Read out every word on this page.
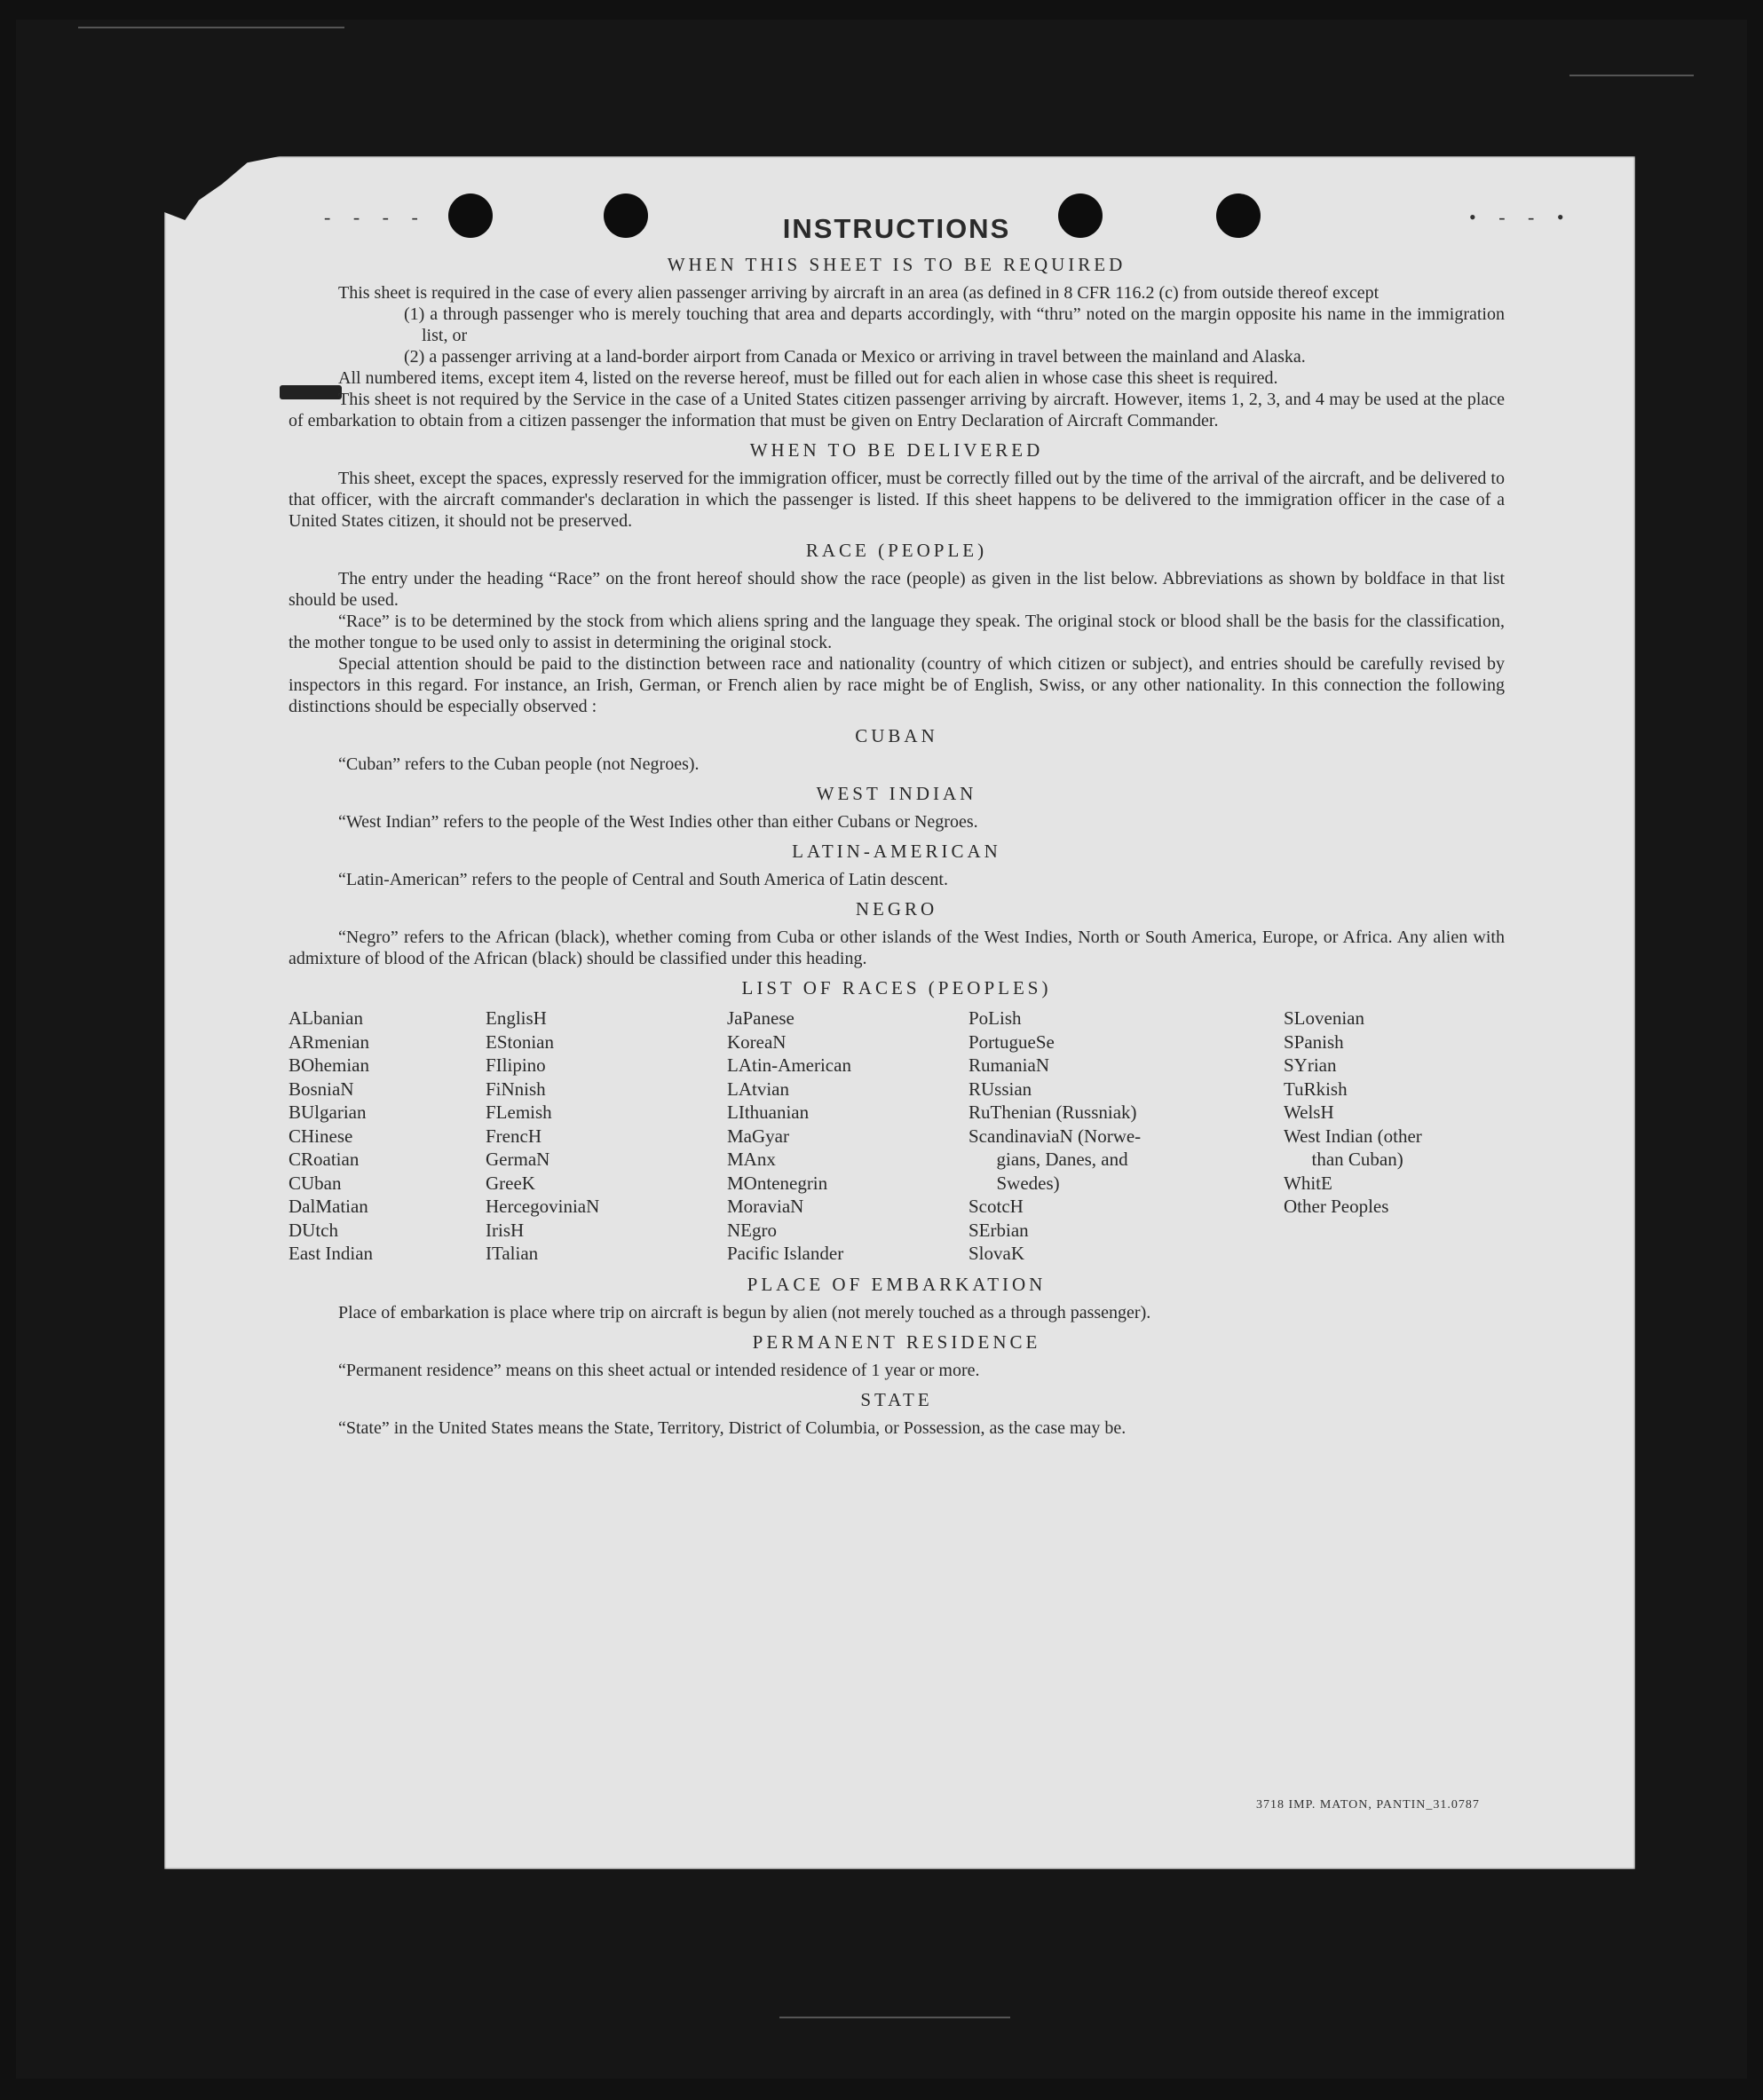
- - - -	• - - •
INSTRUCTIONS
WHEN THIS SHEET IS TO BE REQUIRED

This sheet is required in the case of every alien passenger arriving by aircraft in an area (as defined in 8 CFR 116.2 (c) from outside thereof except

(1) a through passenger who is merely touching that area and departs accordingly, with “thru” noted on the margin opposite his name in the immigration list, or

(2) a passenger arriving at a land-border airport from Canada or Mexico or arriving in travel between the mainland and Alaska.

All numbered items, except item 4, listed on the reverse hereof, must be filled out for each alien in whose case this sheet is required.

This sheet is not required by the Service in the case of a United States citizen passenger arriving by aircraft. However, items 1, 2, 3, and 4 may be used at the place of embarkation to obtain from a citizen passenger the information that must be given on Entry Declaration of Aircraft Commander.

WHEN TO BE DELIVERED

This sheet, except the spaces, expressly reserved for the immigration officer, must be correctly filled out by the time of the arrival of the aircraft, and be delivered to that officer, with the aircraft commander's declaration in which the passenger is listed. If this sheet happens to be delivered to the immigration officer in the case of a United States citizen, it should not be preserved.

RACE (PEOPLE)

The entry under the heading “Race” on the front hereof should show the race (people) as given in the list below. Abbreviations as shown by boldface in that list should be used.

“Race” is to be determined by the stock from which aliens spring and the language they speak. The original stock or blood shall be the basis for the classification, the mother tongue to be used only to assist in determining the original stock.

Special attention should be paid to the distinction between race and nationality (country of which citizen or subject), and entries should be carefully revised by inspectors in this regard. For instance, an Irish, German, or French alien by race might be of English, Swiss, or any other nationality. In this connection the following distinctions should be especially observed :

CUBAN

“Cuban” refers to the Cuban people (not Negroes).

WEST INDIAN

“West Indian” refers to the people of the West Indies other than either Cubans or Negroes.

LATIN-AMERICAN

“Latin-American” refers to the people of Central and South America of Latin descent.

NEGRO

“Negro” refers to the African (black), whether coming from Cuba or other islands of the West Indies, North or South America, Europe, or Africa. Any alien with admixture of blood of the African (black) should be classified under this heading.

LIST OF RACES (PEOPLES)
ALbanian
ARmenian
BOhemian
BosniaN
BUlgarian
CHinese
CRoatian
CUban
DalMatian
DUtch
East Indian
EnglisH
EStonian
FIlipino
FiNnish
FLemish
FrencH
GermaN
GreeK
HercegoviniaN
IrisH
ITalian
JaPanese
KoreaN
LAtin-American
LAtvian
LIthuanian
MaGyar
MAnx
MOntenegrin
MoraviaN
NEgro
Pacific Islander
PoLish
PortugueSe
RumaniaN
RUssian
RuThenian (Russniak)
ScandinaviaN (Norwe-
gians, Danes, and
Swedes)
ScotcH
SErbian
SlovaK
SLovenian
SPanish
SYrian
TuRkish
WelsH
West Indian (other
than Cuban)
WhitE
Other Peoples
PLACE OF EMBARKATION

Place of embarkation is place where trip on aircraft is begun by alien (not merely touched as a through passenger).

PERMANENT RESIDENCE

“Permanent residence” means on this sheet actual or intended residence of 1 year or more.

STATE

“State” in the United States means the State, Territory, District of Columbia, or Possession, as the case may be.

3718 IMP. MATON, PANTIN_31.0787
